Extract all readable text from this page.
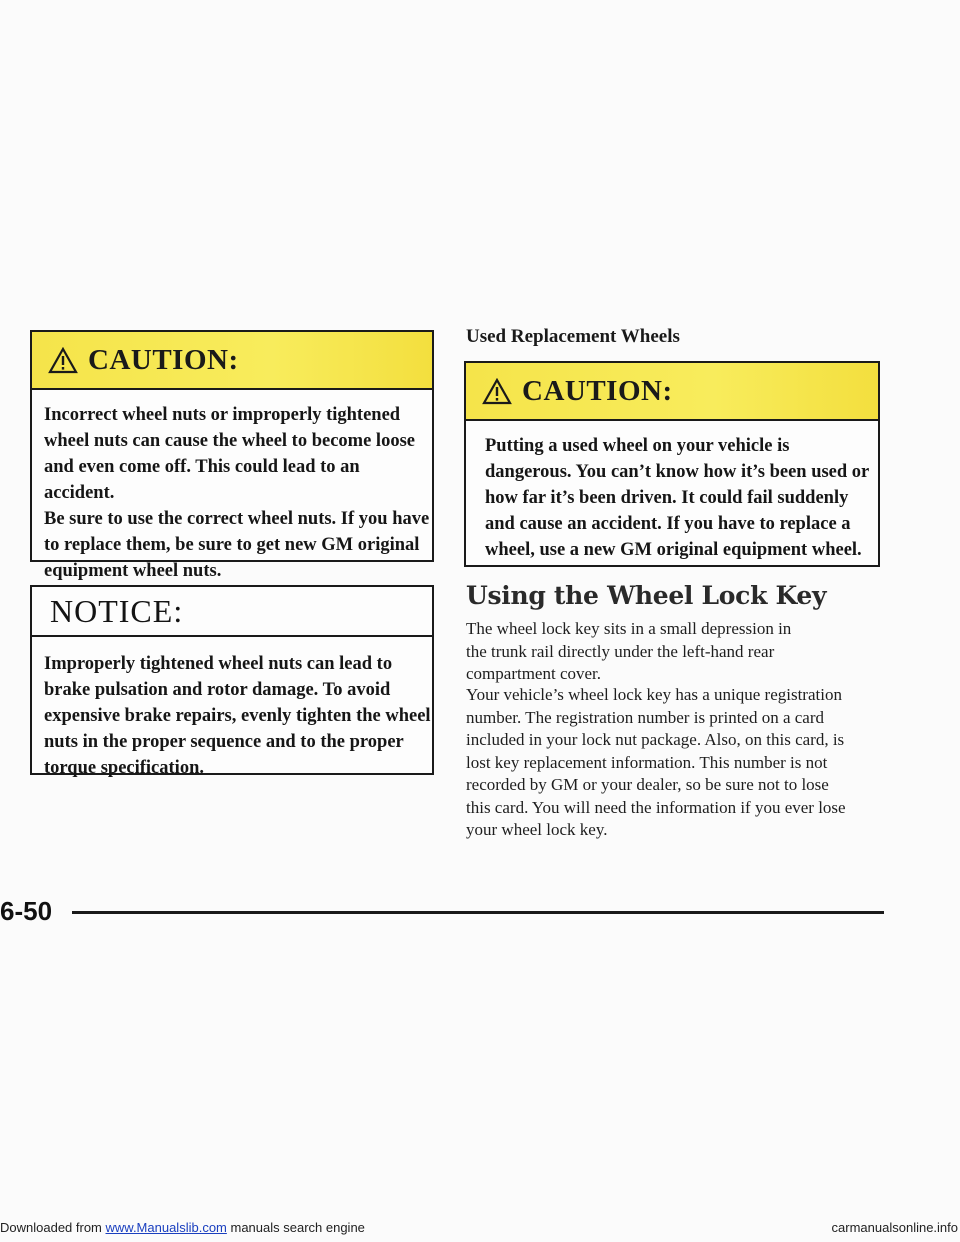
CAUTION:
Incorrect wheel nuts or improperly tightened
wheel nuts can cause the wheel to become loose
and even come off. This could lead to an accident.
Be sure to use the correct wheel nuts. If you have
to replace them, be sure to get new GM original
equipment wheel nuts.
NOTICE:
Improperly tightened wheel nuts can lead to
brake pulsation and rotor damage. To avoid
expensive brake repairs, evenly tighten the wheel
nuts in the proper sequence and to the proper
torque specification.
Used Replacement Wheels
CAUTION:
Putting a used wheel on your vehicle is
dangerous. You can’t know how it’s been used or
how far it’s been driven. It could fail suddenly
and cause an accident. If you have to replace a
wheel, use a new GM original equipment wheel.
Using the Wheel Lock Key
The wheel lock key sits in a small depression in
the trunk rail directly under the left-hand rear
compartment cover.
Your vehicle’s wheel lock key has a unique registration
number. The registration number is printed on a card
included in your lock nut package. Also, on this card, is
lost key replacement information. This number is not
recorded by GM or your dealer, so be sure not to lose
this card. You will need the information if you ever lose
your wheel lock key.
6-50
Downloaded from www.Manualslib.com manuals search engine	carmanualsonline.info
